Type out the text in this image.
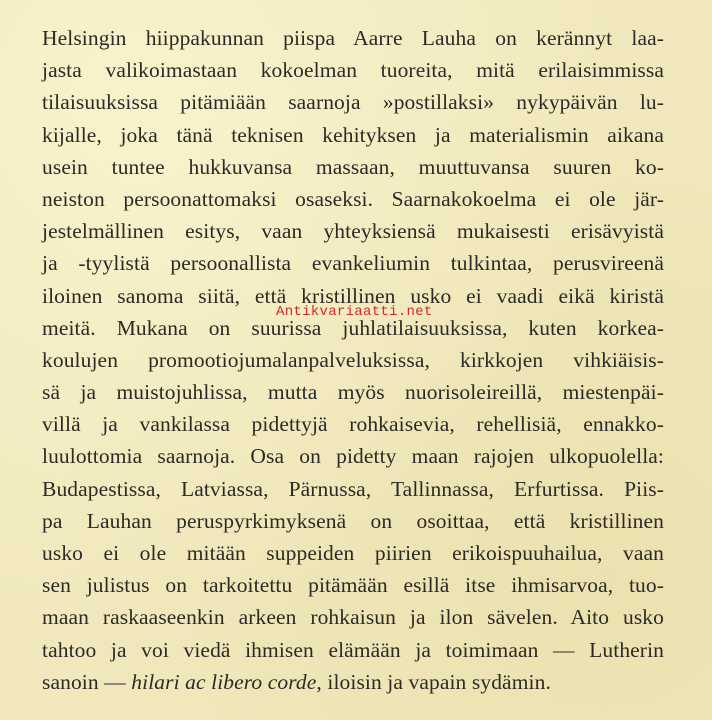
Helsingin hiippakunnan piispa Aarre Lauha on kerännyt laa-
jasta valikoimastaan kokoelman tuoreita, mitä erilaisimmissa
tilaisuuksissa pitämiään saarnoja »postillaksi» nykypäivän lu-
kijalle, joka tänä teknisen kehityksen ja materialismin aikana
usein tuntee hukkuvansa massaan, muuttuvansa suuren ko-
neiston persoonattomaksi osaseksi. Saarnakokoelma ei ole jär-
jestelmällinen esitys, vaan yhteyksiensä mukaisesti erisävyistä
ja -tyylistä persoonallista evankeliumin tulkintaa, perusvireenä
iloinen sanoma siitä, että kristillinen usko ei vaadi eikä kiristä
meitä. Mukana on suurissa juhlatilaisuuksissa, kuten korkea-
koulujen promootiojumalanpalveluksissa, kirkkojen vihkiäisis-
sä ja muistojuhlissa, mutta myös nuorisoleireillä, miestenpäi-
villä ja vankilassa pidettyjä rohkaisevia, rehellisiä, ennakko-
luulottomia saarnoja. Osa on pidetty maan rajojen ulkopuolella:
Budapestissa, Latviassa, Pärnussa, Tallinnassa, Erfurtissa. Piis-
pa Lauhan peruspyrkimyksenä on osoittaa, että kristillinen
usko ei ole mitään suppeiden piirien erikoispuuhailua, vaan
sen julistus on tarkoitettu pitämään esillä itse ihmisarvoa, tuo-
maan raskaaseenkin arkeen rohkaisun ja ilon sävelen. Aito usko
tahtoo ja voi viedä ihmisen elämään ja toimimaan — Lutherin
sanoin — hilari ac libero corde, iloisin ja vapain sydämin.
Antikvariaatti.net
